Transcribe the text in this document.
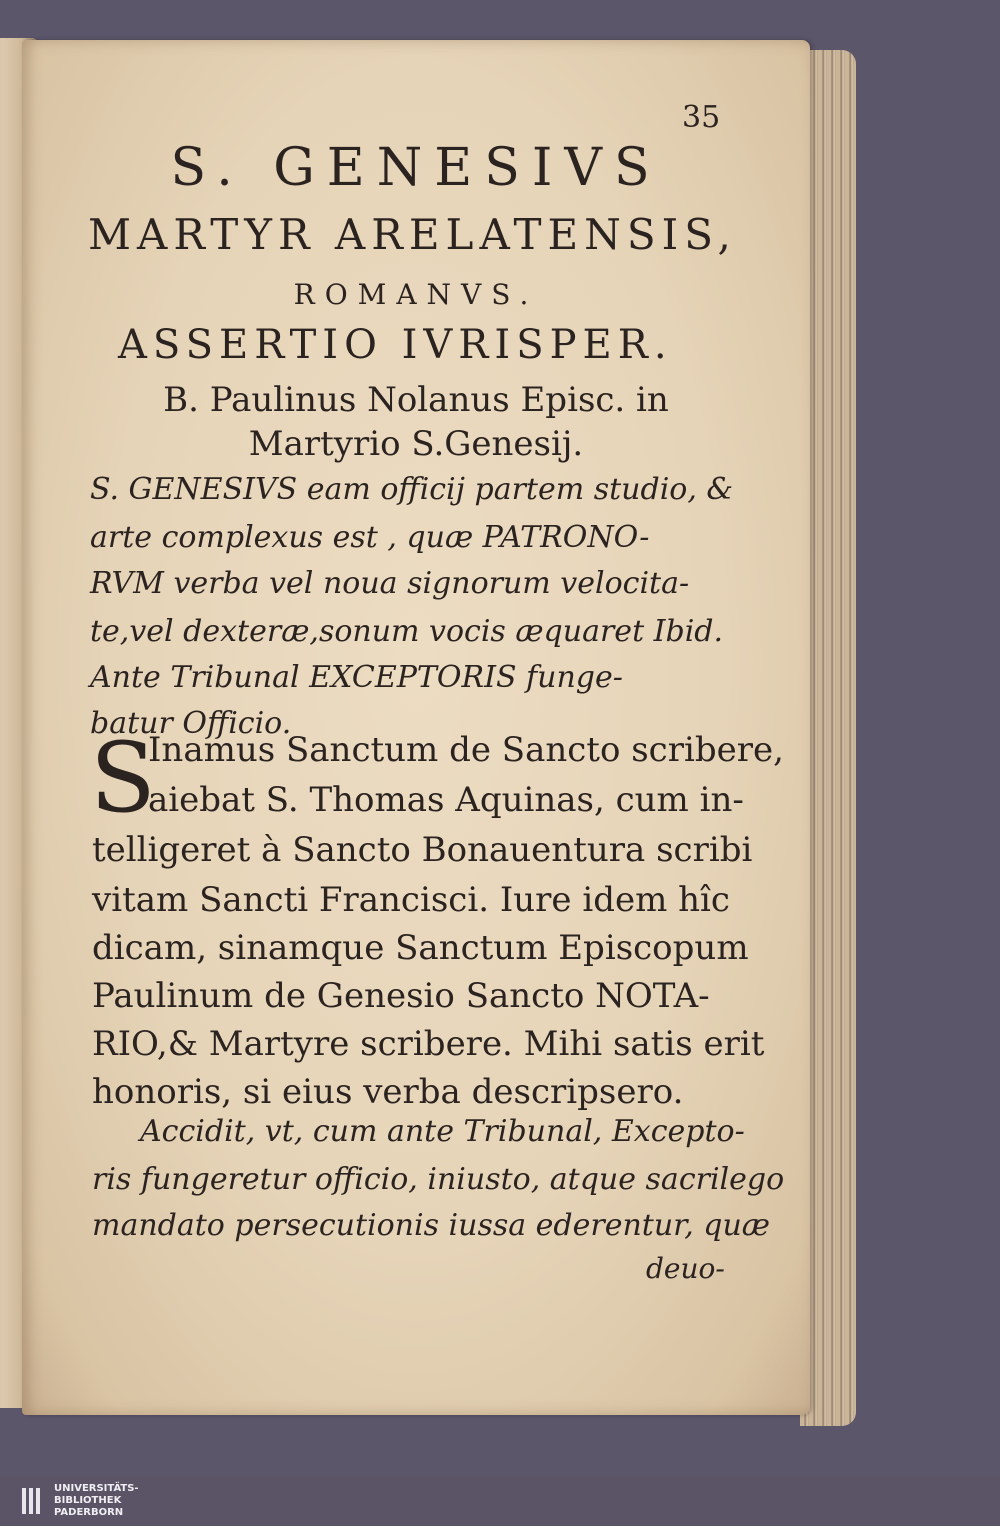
35
S. GENESIVS
MARTYR ARELATENSIS,
ROMANVS.
ASSERTIO IVRISPER.
B. Paulinus Nolanus Episc. in
Martyrio S.Genesij.
S. GENESIVS eam officij partem studio, &
arte complexus est , quæ PATRONO-
RVM verba vel noua signorum velocita-
te,vel dexteræ,sonum vocis æquaret Ibid.
Ante Tribunal EXCEPTORIS funge-
batur Officio.
S
Inamus Sanctum de Sancto scribere,
aiebat S. Thomas Aquinas, cum in-
telligeret à Sancto Bonauentura scribi
vitam Sancti Francisci. Iure idem hîc
dicam, sinamque Sanctum Episcopum
Paulinum de Genesio Sancto NOTA-
RIO,& Martyre scribere. Mihi satis erit
honoris, si eius verba descripsero.
Accidit, vt, cum ante Tribunal, Excepto-
ris fungeretur officio, iniusto, atque sacrilego
mandato persecutionis iussa ederentur, quæ
deuo-
UNIVERSITÄTS-
BIBLIOTHEK
PADERBORN
